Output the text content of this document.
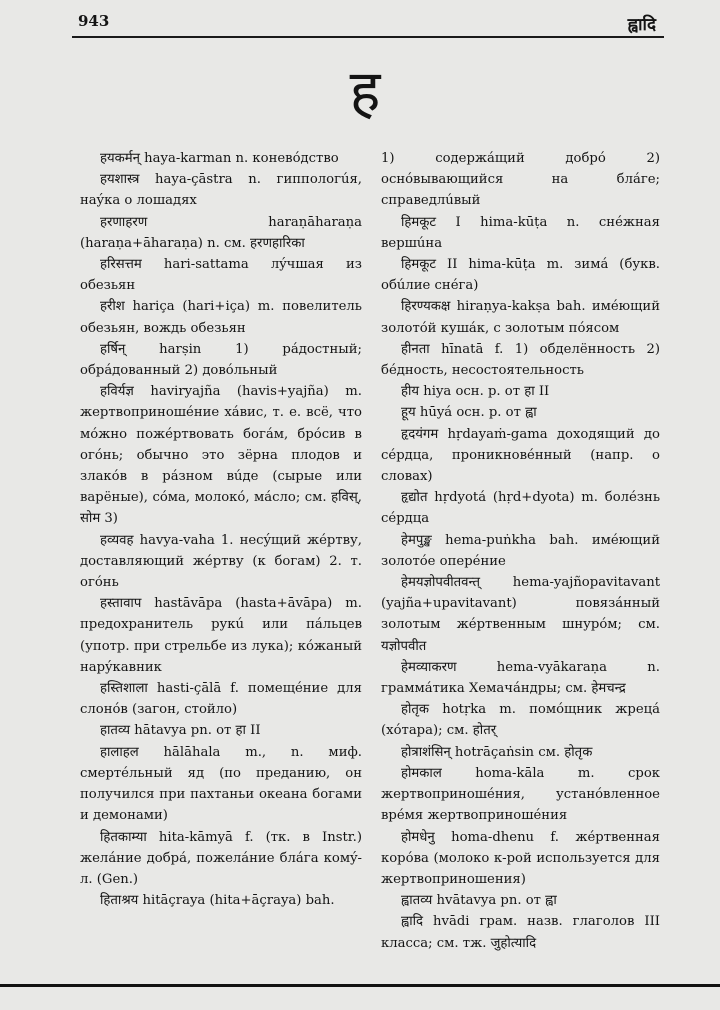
943	ह्वादि
ह

हयकर्मन् haya-karman n. коневóдство

हयशास्त्र haya-çāstra n. гиппологúя, наýка о лошадях

हरणाहरण haraṇāharaṇa (haraṇa+āharaṇa) n. см. हरणहारिका

हरिसत्तम hari-sattama лýчшая из обезьян

हरीश hariça (hari+iça) m. повелитель обезьян, вождь обезьян

हर्षिन् harṣin 1) рáдостный; обрáдованный 2) довóльный

हविर्यज्ञ haviryajña (havis+yajña) m. жертвоприношéние хáвис, т. е. всё, что мóжно пожéртвовать богáм, брóсив в огóнь; обычно это зёрна плодов и злакóв в рáзном вúде (сырые или варёные), сóма, молокó, мáсло; см. हविस्, सोम 3)

हव्यवह havya-vaha 1. несýщий жéртву, доставляющий жéртву (к богам) 2. т. огóнь

हस्तावाप hastāvāpa (hasta+āvāpa) m. предохранитель рукú или пáльцев (употр. при стрельбе из лука); кóжаный нарýкавник

हस्तिशाला hasti-çālā f. помещéние для слонóв (загон, стойло)

हातव्य hātavya pn. от हा II

हालाहल hālāhala m., n. миф. смертéльный яд (по преданию, он получился при пахтаньи океана богами и демонами)

हितकाम्या hita-kāmyā f. (тк. в Instr.) желáние добрá, пожелáние блáга комý-л. (Gen.)

हिताश्रय hitāçraya (hita+āçraya) bah.

1) содержáщий добрó 2) оснóвывающийся на блáге; справедлúвый

हिमकूट I hima-kūṭa n. снéжная вершúна

हिमकूट II hima-kūṭa m. зимá (букв. обúлие снéга)

हिरण्यकक्ष hiraṇya-kakṣa bah. имéющий золотóй кушáк, с золотым пóясом

हीनता hīnatā f. 1) обделённость 2) бéдность, несостоятельность

हीय hiya осн. р. от हा II

हूय hūyá осн. р. от ह्वा

हृदयंगम hṛdayaṁ-gama доходящий до сéрдца, проникновéнный (напр. о словах)

हृद्योत hṛdyotá (hṛd+dyota) m. болéзнь сéрдца

हेमपुङ्ख hema-puṅkha bah. имéющий золотóе оперéние

हेमयज्ञोपवीतवन्त् hema-yajñopavitavant (yajña+upavitavant) повязáнный золотым жéртвенным шнурóм; см. यज्ञोपवीत

हेमव्याकरण hema-vyākaraṇa n. граммáтика Хемачáндры; см. हेमचन्द्र

होतृक hotṛka m. помóщник жрецá (хóтара); см. होतर्

होत्राशंसिन् hotrāçaṅsin см. होतृक

होमकाल homa-kāla m. срок жертвоприношéния, устанóвленное врéмя жертвоприношéния

होमधेनु homa-dhenu f. жéртвенная корóва (молоко к-рой используется для жертвоприношения)

ह्वातव्य hvātavya pn. от ह्वा

ह्वादि hvādi грам. назв. глаголов III класса; см. тж. जुहोत्यादि
